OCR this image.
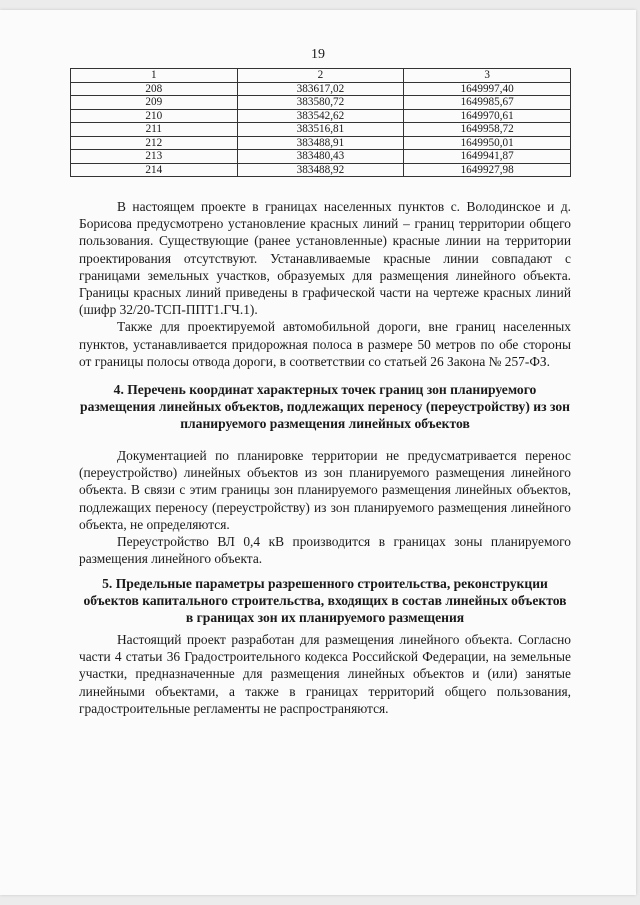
19
1	2	3
208	383617,02	1649997,40
209	383580,72	1649985,67
210	383542,62	1649970,61
211	383516,81	1649958,72
212	383488,91	1649950,01
213	383480,43	1649941,87
214	383488,92	1649927,98

В настоящем проекте в границах населенных пунктов с. Володинское и д. Борисова предусмотрено установление красных линий – границ территории общего пользования. Существующие (ранее установленные) красные линии на территории проектирования отсутствуют. Устанавливаемые красные линии совпадают с границами земельных участков, образуемых для размещения линейного объекта. Границы красных линий приведены в графической части на чертеже красных линий (шифр 32/20-ТСП-ППТ1.ГЧ.1).

Также для проектируемой автомобильной дороги, вне границ населенных пунктов, устанавливается придорожная полоса в размере 50 метров по обе стороны от границы полосы отвода дороги, в соответствии со статьей 26 Закона № 257-ФЗ.

4. Перечень координат характерных точек границ зон планируемого размещения линейных объектов, подлежащих переносу (переустройству) из зон планируемого размещения линейных объектов

Документацией по планировке территории не предусматривается перенос (переустройство) линейных объектов из зон планируемого размещения линейного объекта. В связи с этим границы зон планируемого размещения линейных объектов, подлежащих переносу (переустройству) из зон планируемого размещения линейного объекта, не определяются.

Переустройство ВЛ 0,4 кВ производится в границах зоны планируемого размещения линейного объекта.

5. Предельные параметры разрешенного строительства, реконструкции объектов капитального строительства, входящих в состав линейных объектов в границах зон их планируемого размещения

Настоящий проект разработан для размещения линейного объекта. Согласно части 4 статьи 36 Градостроительного кодекса Российской Федерации, на земельные участки, предназначенные для размещения линейных объектов и (или) занятые линейными объектами, а также в границах территорий общего пользования, градостроительные регламенты не распространяются.
